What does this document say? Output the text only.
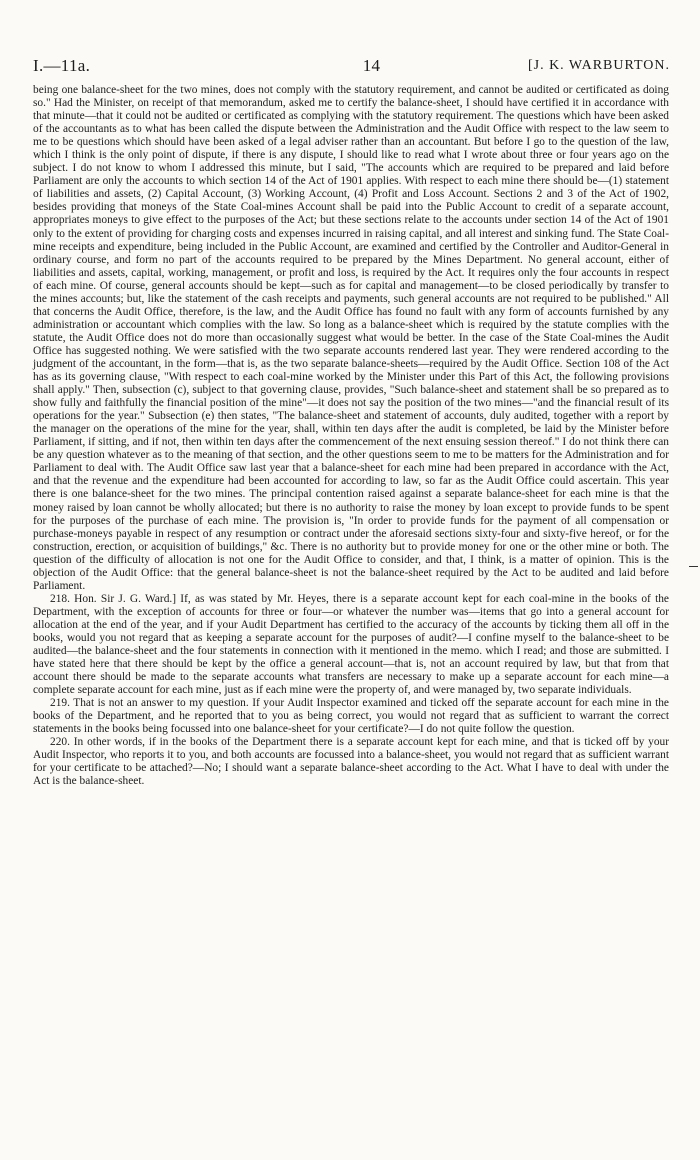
I.—11a.	14	[J. K. WARBURTON.

being one balance-sheet for the two mines, does not comply with the statutory requirement, and cannot be audited or certificated as doing so." Had the Minister, on receipt of that memorandum, asked me to certify the balance-sheet, I should have certified it in accordance with that minute—that it could not be audited or certificated as complying with the statutory requirement. The questions which have been asked of the accountants as to what has been called the dispute between the Administration and the Audit Office with respect to the law seem to me to be questions which should have been asked of a legal adviser rather than an accountant. But before I go to the question of the law, which I think is the only point of dispute, if there is any dispute, I should like to read what I wrote about three or four years ago on the subject. I do not know to whom I addressed this minute, but I said, "The accounts which are required to be prepared and laid before Parliament are only the accounts to which section 14 of the Act of 1901 applies. With respect to each mine there should be—(1) statement of liabilities and assets, (2) Capital Account, (3) Working Account, (4) Profit and Loss Account. Sections 2 and 3 of the Act of 1902, besides providing that moneys of the State Coal-mines Account shall be paid into the Public Account to credit of a separate account, appropriates moneys to give effect to the purposes of the Act; but these sections relate to the accounts under section 14 of the Act of 1901 only to the extent of providing for charging costs and expenses incurred in raising capital, and all interest and sinking fund. The State Coal-mine receipts and expenditure, being included in the Public Account, are examined and certified by the Controller and Auditor-General in ordinary course, and form no part of the accounts required to be prepared by the Mines Department. No general account, either of liabilities and assets, capital, working, management, or profit and loss, is required by the Act. It requires only the four accounts in respect of each mine. Of course, general accounts should be kept—such as for capital and management—to be closed periodically by transfer to the mines accounts; but, like the statement of the cash receipts and payments, such general accounts are not required to be published." All that concerns the Audit Office, therefore, is the law, and the Audit Office has found no fault with any form of accounts furnished by any administration or accountant which complies with the law. So long as a balance-sheet which is required by the statute complies with the statute, the Audit Office does not do more than occasionally suggest what would be better. In the case of the State Coal-mines the Audit Office has suggested nothing. We were satisfied with the two separate accounts rendered last year. They were rendered according to the judgment of the accountant, in the form—that is, as the two separate balance-sheets—required by the Audit Office. Section 108 of the Act has as its governing clause, "With respect to each coal-mine worked by the Minister under this Part of this Act, the following provisions shall apply." Then, subsection (c), subject to that governing clause, provides, "Such balance-sheet and statement shall be so prepared as to show fully and faithfully the financial position of the mine"—it does not say the position of the two mines—"and the financial result of its operations for the year." Subsection (e) then states, "The balance-sheet and statement of accounts, duly audited, together with a report by the manager on the operations of the mine for the year, shall, within ten days after the audit is completed, be laid by the Minister before Parliament, if sitting, and if not, then within ten days after the commencement of the next ensuing session thereof." I do not think there can be any question whatever as to the meaning of that section, and the other questions seem to me to be matters for the Administration and for Parliament to deal with. The Audit Office saw last year that a balance-sheet for each mine had been prepared in accordance with the Act, and that the revenue and the expenditure had been accounted for according to law, so far as the Audit Office could ascertain. This year there is one balance-sheet for the two mines. The principal contention raised against a separate balance-sheet for each mine is that the money raised by loan cannot be wholly allocated; but there is no authority to raise the money by loan except to provide funds to be spent for the purposes of the purchase of each mine. The provision is, "In order to provide funds for the payment of all compensation or purchase-moneys payable in respect of any resumption or contract under the aforesaid sections sixty-four and sixty-five hereof, or for the construction, erection, or acquisition of buildings," &c. There is no authority but to provide money for one or the other mine or both. The question of the difficulty of allocation is not one for the Audit Office to consider, and that, I think, is a matter of opinion. This is the objection of the Audit Office: that the general balance-sheet is not the balance-sheet required by the Act to be audited and laid before Parliament.

218. Hon. Sir J. G. Ward.] If, as was stated by Mr. Heyes, there is a separate account kept for each coal-mine in the books of the Department, with the exception of accounts for three or four—or whatever the number was—items that go into a general account for allocation at the end of the year, and if your Audit Department has certified to the accuracy of the accounts by ticking them all off in the books, would you not regard that as keeping a separate account for the purposes of audit?—I confine myself to the balance-sheet to be audited—the balance-sheet and the four statements in connection with it mentioned in the memo. which I read; and those are submitted. I have stated here that there should be kept by the office a general account—that is, not an account required by law, but that from that account there should be made to the separate accounts what transfers are necessary to make up a separate account for each mine—a complete separate account for each mine, just as if each mine were the property of, and were managed by, two separate individuals.

219. That is not an answer to my question. If your Audit Inspector examined and ticked off the separate account for each mine in the books of the Department, and he reported that to you as being correct, you would not regard that as sufficient to warrant the correct statements in the books being focussed into one balance-sheet for your certificate?—I do not quite follow the question.

220. In other words, if in the books of the Department there is a separate account kept for each mine, and that is ticked off by your Audit Inspector, who reports it to you, and both accounts are focussed into a balance-sheet, you would not regard that as sufficient warrant for your certificate to be attached?—No; I should want a separate balance-sheet according to the Act. What I have to deal with under the Act is the balance-sheet.
